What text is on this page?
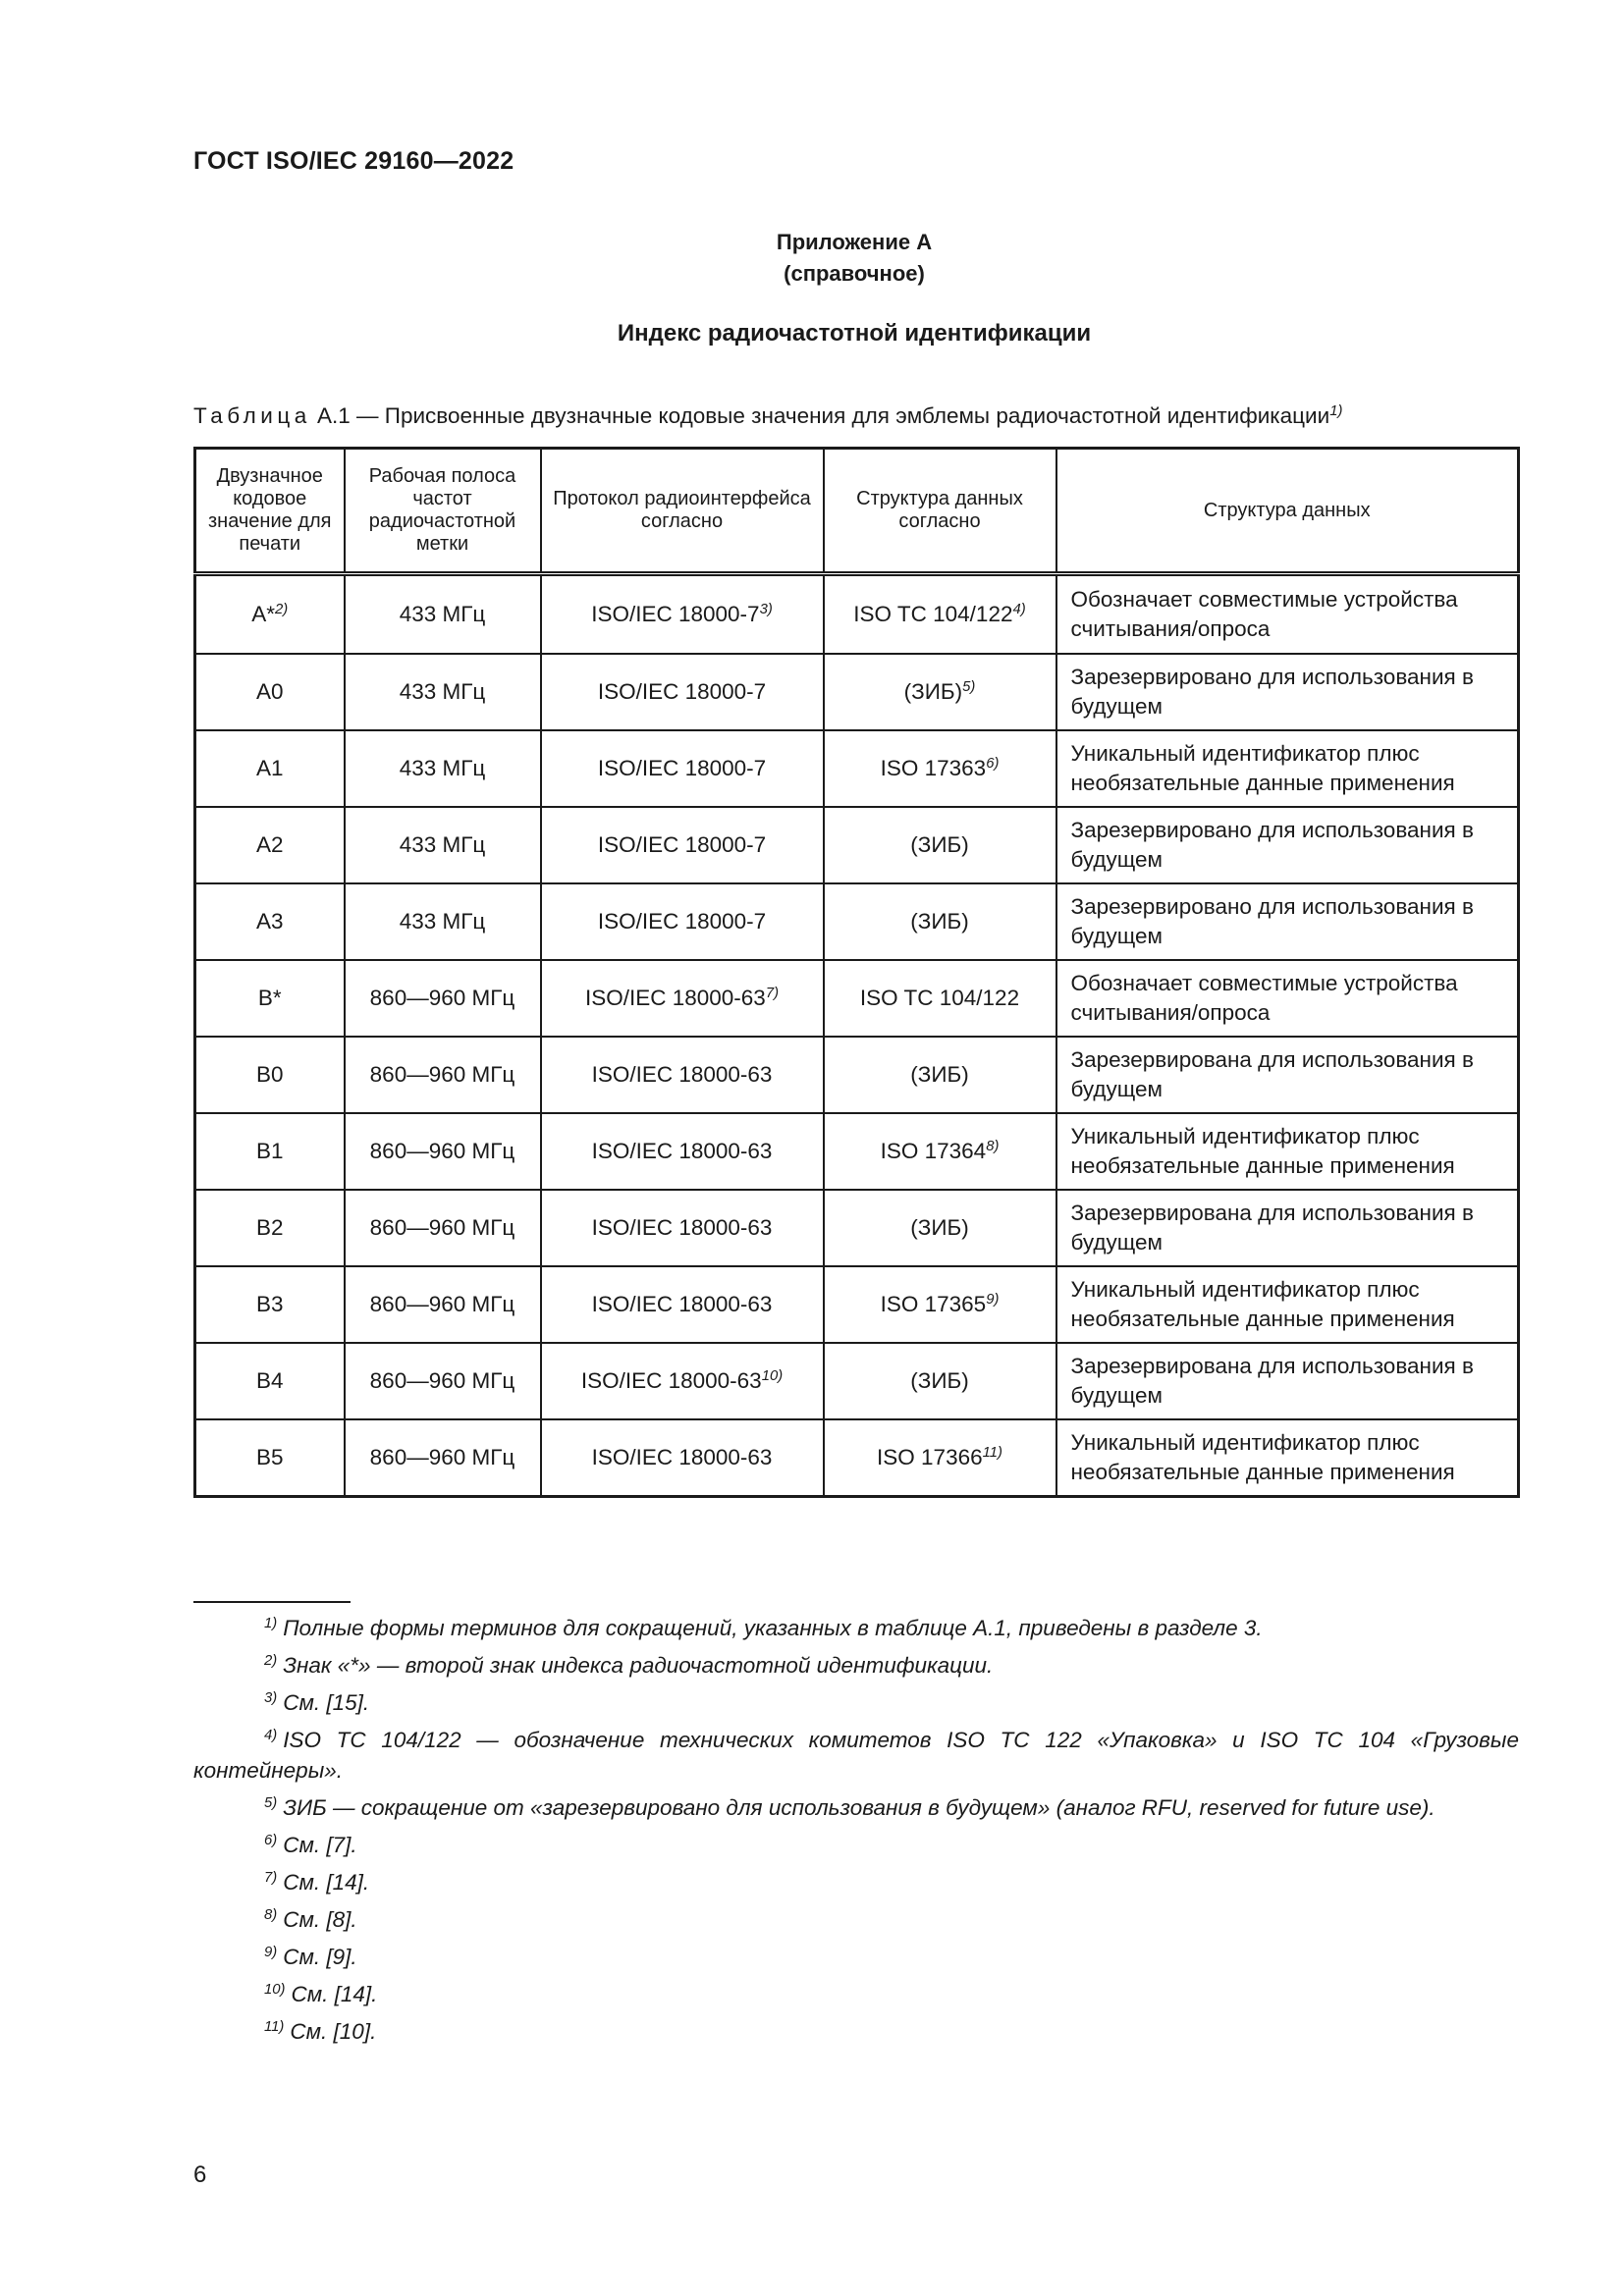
ГОСТ ISO/IEC 29160—2022
Приложение А
(справочное)
Индекс радиочастотной идентификации
Таблица А.1 — Присвоенные двузначные кодовые значения для эмблемы радиочастотной идентификации$^{1)}$
Двузначное кодовое значение для печати	Рабочая полоса частот радиочастотной метки	Протокол радиоинтерфейса согласно	Структура данных согласно	Структура данных
А*$^{2)}$	433 МГц	ISO/IEC 18000-7$^{3)}$	ISO TC 104/122$^{4)}$	Обозначает совместимые устройства считывания/опроса
А0	433 МГц	ISO/IEC 18000-7	(ЗИБ)$^{5)}$	Зарезервировано для использования в будущем
А1	433 МГц	ISO/IEC 18000-7	ISO 17363$^{6)}$	Уникальный идентификатор плюс необязательные данные применения
А2	433 МГц	ISO/IEC 18000-7	(ЗИБ)	Зарезервировано для использования в будущем
А3	433 МГц	ISO/IEC 18000-7	(ЗИБ)	Зарезервировано для использования в будущем
В*	860—960 МГц	ISO/IEC 18000-63$^{7)}$	ISO TC 104/122	Обозначает совместимые устройства считывания/опроса
В0	860—960 МГц	ISO/IEC 18000-63	(ЗИБ)	Зарезервирована для использования в будущем
В1	860—960 МГц	ISO/IEC 18000-63	ISO 17364$^{8)}$	Уникальный идентификатор плюс необязательные данные применения
В2	860—960 МГц	ISO/IEC 18000-63	(ЗИБ)	Зарезервирована для использования в будущем
В3	860—960 МГц	ISO/IEC 18000-63	ISO 17365$^{9)}$	Уникальный идентификатор плюс необязательные данные применения
В4	860—960 МГц	ISO/IEC 18000-63$^{10)}$	(ЗИБ)	Зарезервирована для использования в будущем
В5	860—960 МГц	ISO/IEC 18000-63	ISO 17366$^{11)}$	Уникальный идентификатор плюс необязательные данные применения
$^{1)}$ Полные формы терминов для сокращений, указанных в таблице А.1, приведены в разделе 3.
$^{2)}$ Знак «*» — второй знак индекса радиочастотной идентификации.
$^{3)}$ См. [15].
$^{4)}$ ISO TC 104/122 — обозначение технических комитетов ISO TC 122 «Упаковка» и ISO TC 104 «Грузовые контейнеры».
$^{5)}$ ЗИБ — сокращение от «зарезервировано для использования в будущем» (аналог RFU, reserved for future use).
$^{6)}$ См. [7].
$^{7)}$ См. [14].
$^{8)}$ См. [8].
$^{9)}$ См. [9].
$^{10)}$ См. [14].
$^{11)}$ См. [10].
6
